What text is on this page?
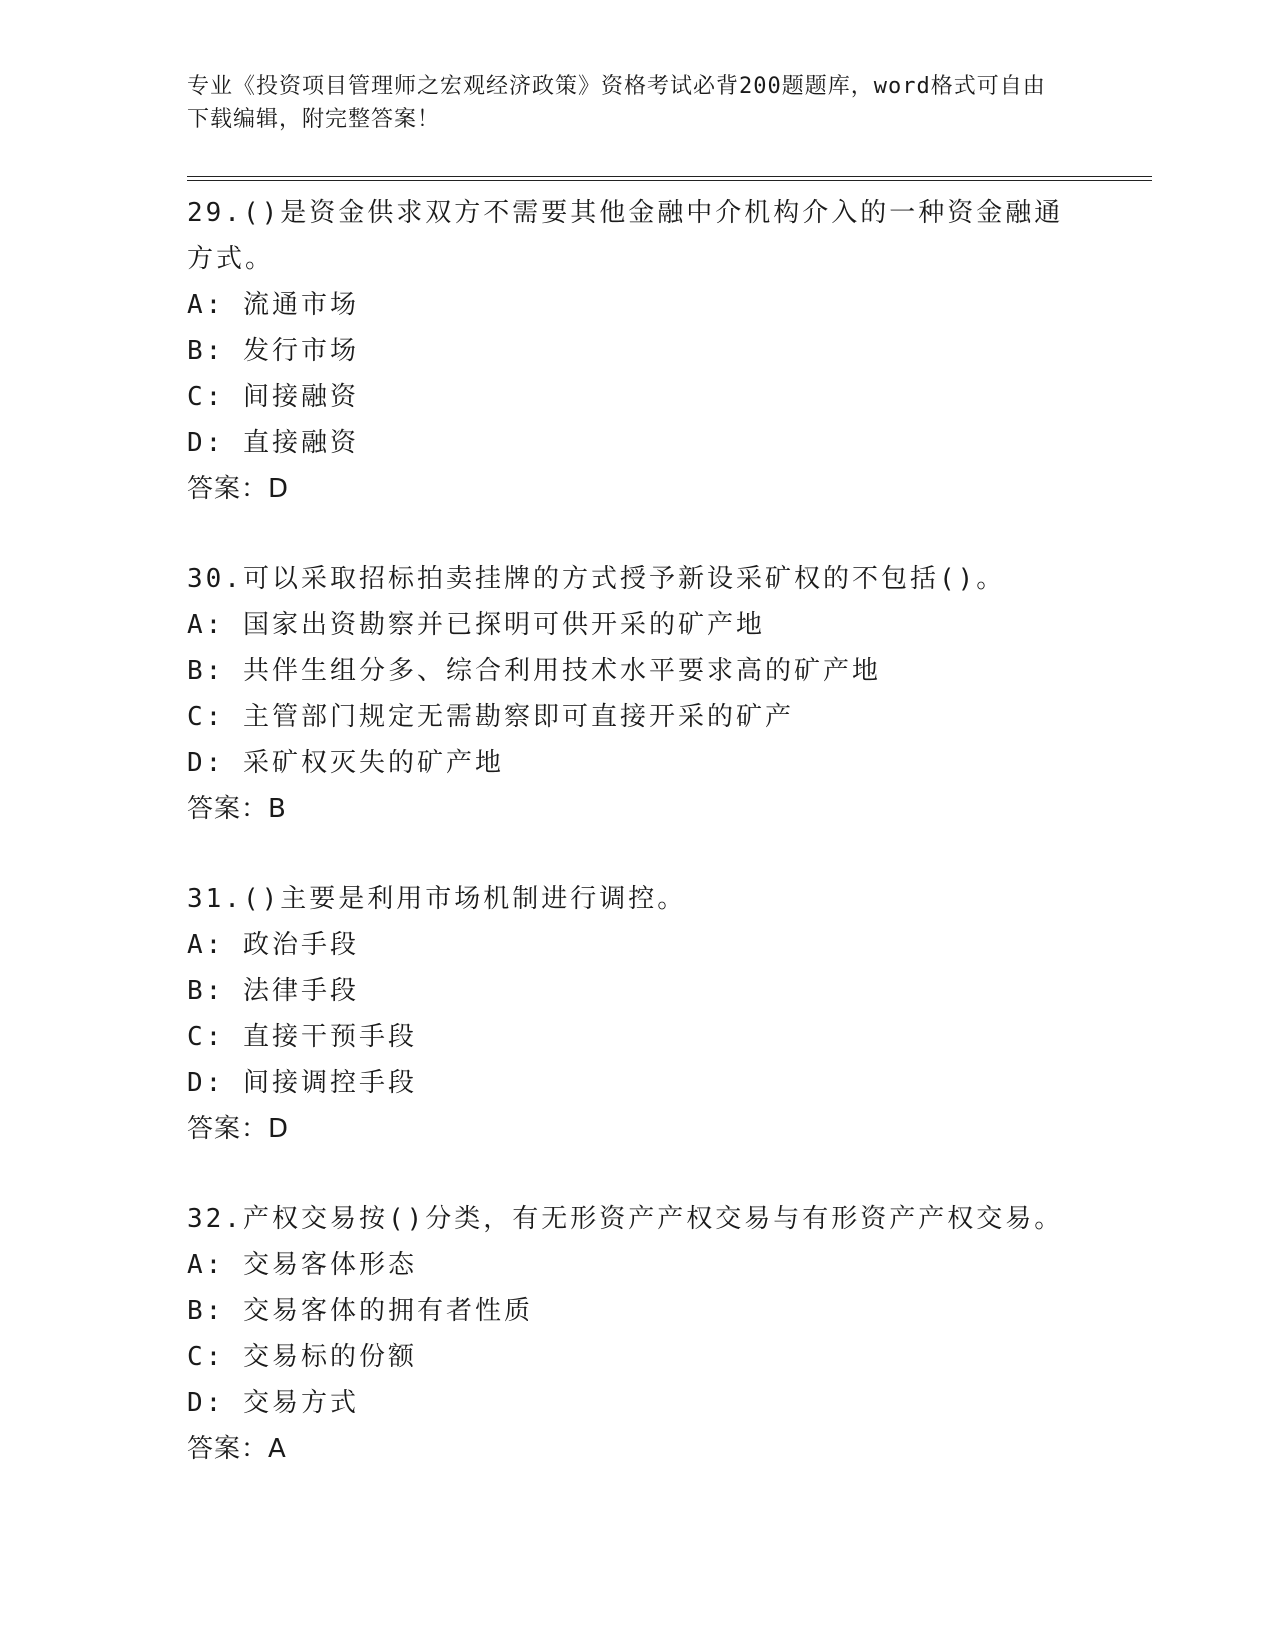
专业《投资项目管理师之宏观经济政策》资格考试必背200题题库，word格式可自由下载编辑，附完整答案！
29.()是资金供求双方不需要其他金融中介机构介入的一种资金融通方式。
A: 流通市场
B: 发行市场
C: 间接融资
D: 直接融资
答案：D
30.可以采取招标拍卖挂牌的方式授予新设采矿权的不包括()。
A: 国家出资勘察并已探明可供开采的矿产地
B: 共伴生组分多、综合利用技术水平要求高的矿产地
C: 主管部门规定无需勘察即可直接开采的矿产
D: 采矿权灭失的矿产地
答案：B
31.()主要是利用市场机制进行调控。
A: 政治手段
B: 法律手段
C: 直接干预手段
D: 间接调控手段
答案：D
32.产权交易按()分类，有无形资产产权交易与有形资产产权交易。
A: 交易客体形态
B: 交易客体的拥有者性质
C: 交易标的份额
D: 交易方式
答案：A
